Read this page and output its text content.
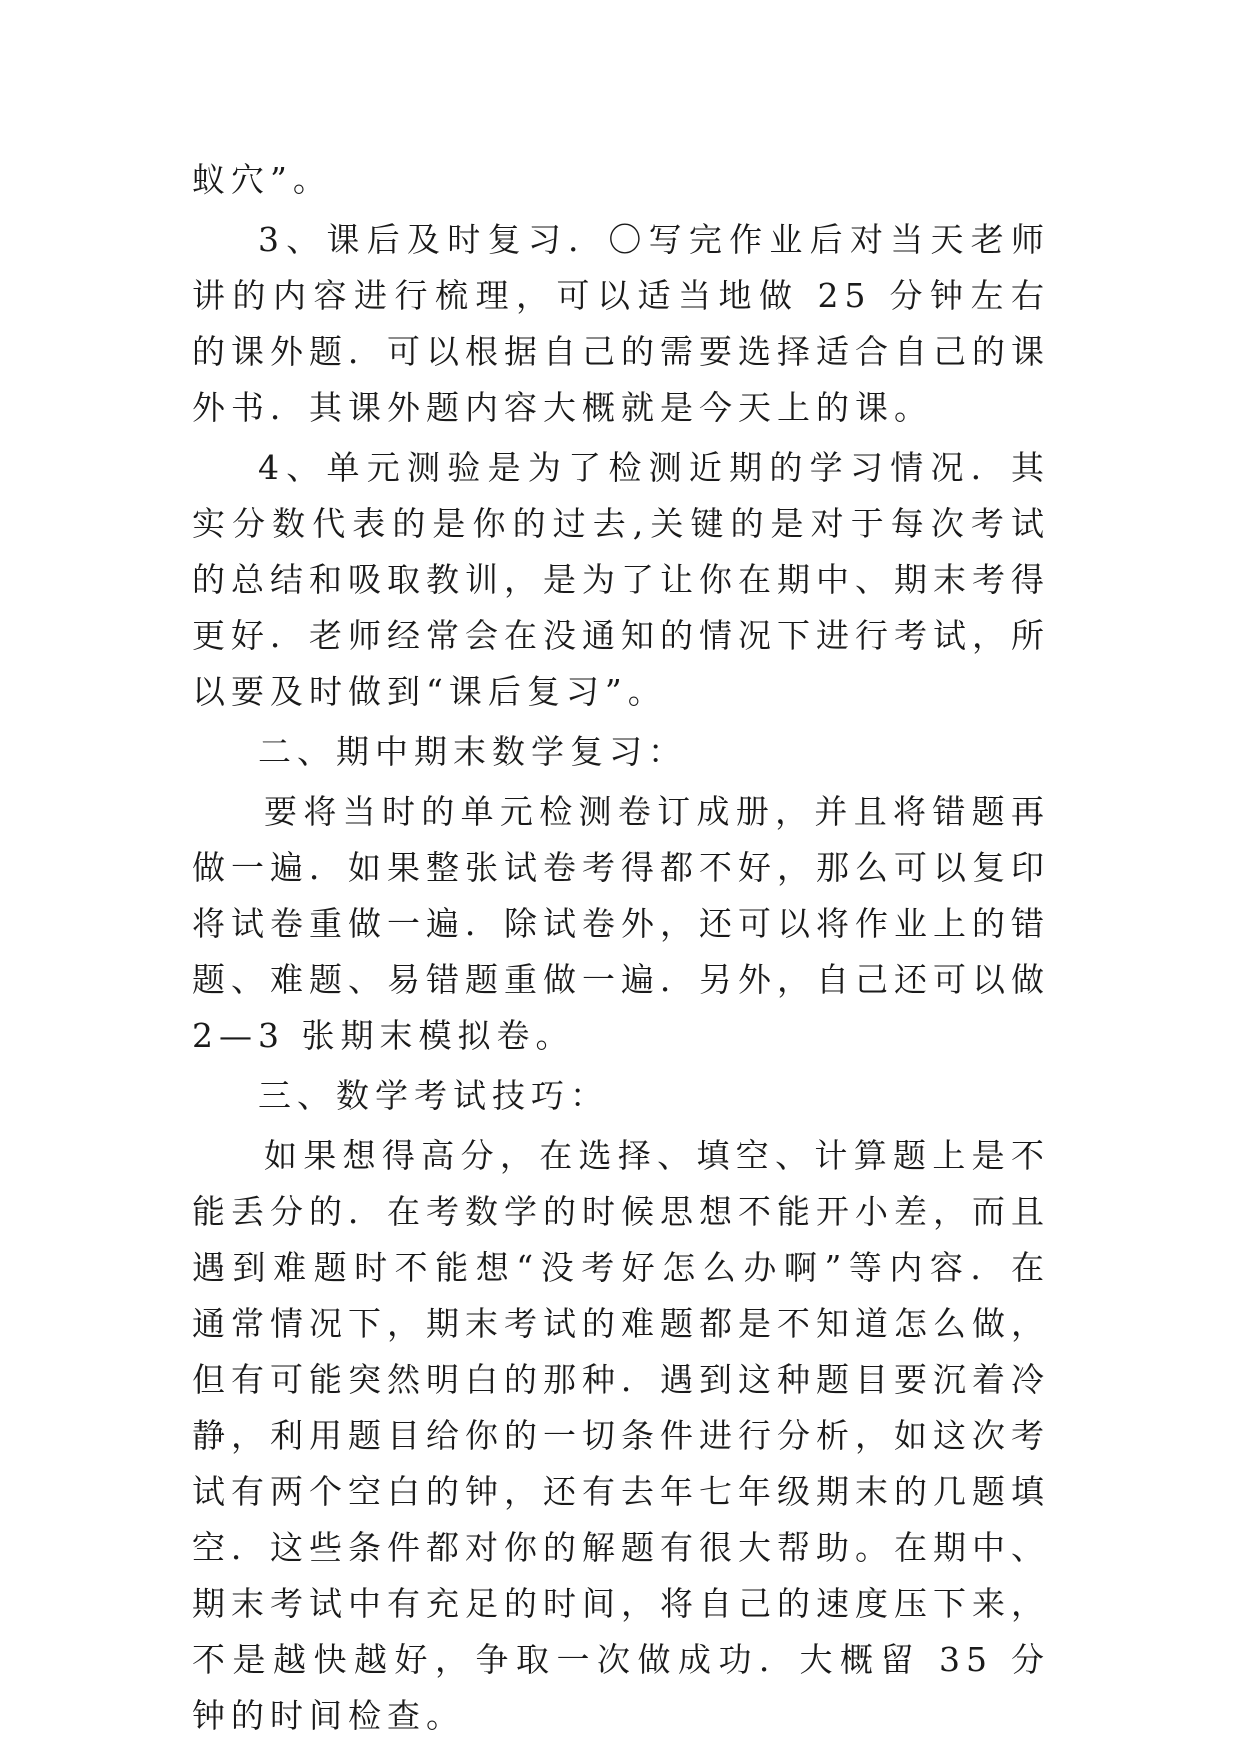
蚁穴”。

3、课后及时复习．〇写完作业后对当天老师讲的内容进行梳理，可以适当地做 25 分钟左右的课外题．可以根据自己的需要选择适合自己的课外书．其课外题内容大概就是今天上的课。

4、单元测验是为了检测近期的学习情况．其实分数代表的是你的过去,关键的是对于每次考试的总结和吸取教训，是为了让你在期中、期末考得更好．老师经常会在没通知的情况下进行考试，所以要及时做到“课后复习”。

二、期中期末数学复习：

要将当时的单元检测卷订成册，并且将错题再做一遍．如果整张试卷考得都不好，那么可以复印将试卷重做一遍．除试卷外，还可以将作业上的错题、难题、易错题重做一遍．另外，自己还可以做 2—3 张期末模拟卷。

三、数学考试技巧：

如果想得高分，在选择、填空、计算题上是不能丢分的．在考数学的时候思想不能开小差，而且遇到难题时不能想“没考好怎么办啊”等内容．在通常情况下，期末考试的难题都是不知道怎么做，但有可能突然明白的那种．遇到这种题目要沉着冷静，利用题目给你的一切条件进行分析，如这次考试有两个空白的钟，还有去年七年级期末的几题填空．这些条件都对你的解题有很大帮助。在期中、期末考试中有充足的时间，将自己的速度压下来，不是越快越好，争取一次做成功．大概留 35 分钟的时间检查。
